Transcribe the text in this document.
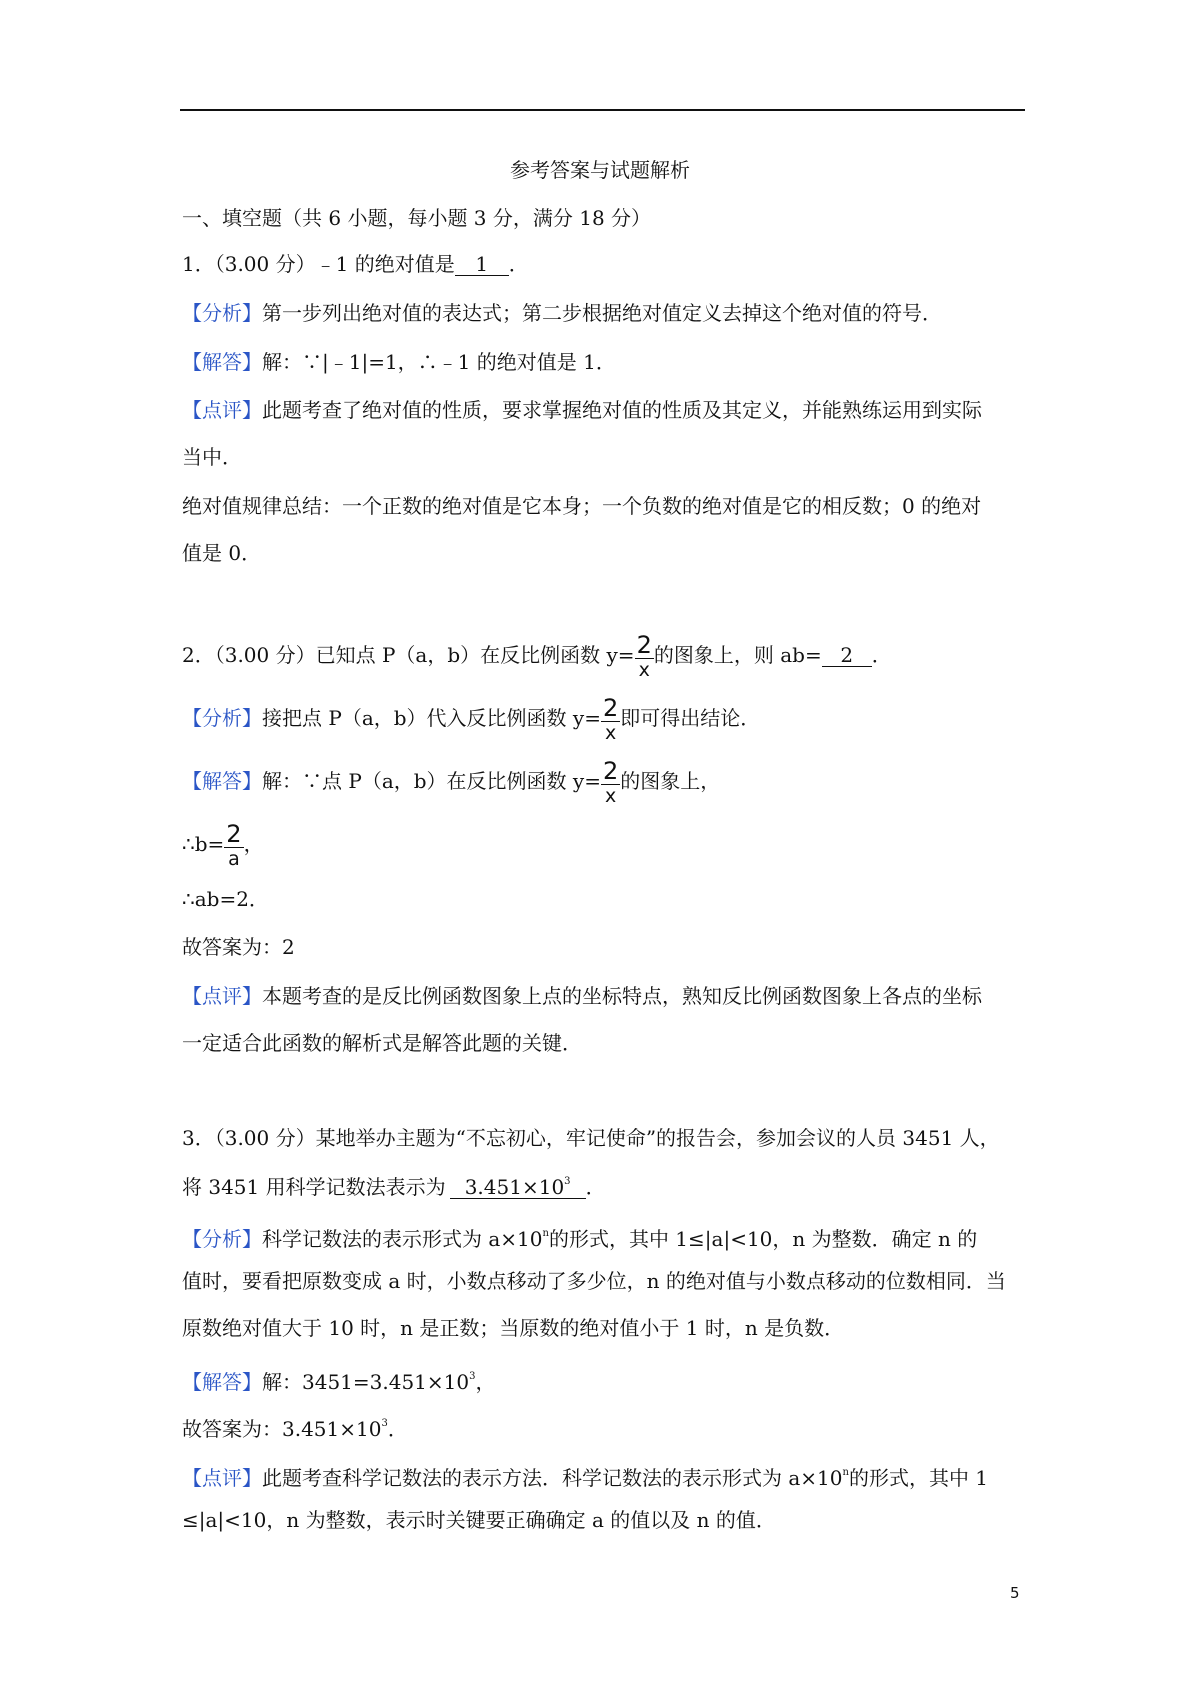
参考答案与试题解析
一、填空题（共 6 小题，每小题 3 分，满分 18 分）
1．（3.00 分）﹣1 的绝对值是 1 ．
【分析】第一步列出绝对值的表达式；第二步根据绝对值定义去掉这个绝对值的符号．
【解答】解：∵|﹣1|=1，∴﹣1 的绝对值是 1．
【点评】此题考查了绝对值的性质，要求掌握绝对值的性质及其定义，并能熟练运用到实际
当中．
绝对值规律总结：一个正数的绝对值是它本身；一个负数的绝对值是它的相反数；0 的绝对
值是 0．
2．（3.00 分）已知点 P（a，b）在反比例函数 $y= \frac{2}{x}$ 的图象上，则 ab= 2 ．
【分析】接把点 P（a，b）代入反比例函数 $y= \frac{2}{x}$ 即可得出结论．
【解答】解：∵点 P（a，b）在反比例函数 $y= \frac{2}{x}$ 的图象上，
∴b= $\frac{2}{a}$ ，
∴ab=2．
故答案为：2
【点评】本题考查的是反比例函数图象上点的坐标特点，熟知反比例函数图象上各点的坐标
一定适合此函数的解析式是解答此题的关键．
3．（3.00 分）某地举办主题为“不忘初心，牢记使命”的报告会，参加会议的人员 3451 人，
将 3451 用科学记数法表示为 $3.451\times 10^3$ ．
【分析】科学记数法的表示形式为 $a\times 10^n$的形式，其中 1≤|a|<10，n 为整数．确定 n 的
值时，要看把原数变成 a 时，小数点移动了多少位，n 的绝对值与小数点移动的位数相同．当
原数绝对值大于 10 时，n 是正数；当原数的绝对值小于 1 时，n 是负数．
【解答】解：$3451=3.451\times 10^3$，
故答案为：$3.451\times 10^3$．
【点评】此题考查科学记数法的表示方法．科学记数法的表示形式为 $a\times 10^n$的形式，其中 1
≤|a|<10，n 为整数，表示时关键要正确确定 a 的值以及 n 的值．
5
